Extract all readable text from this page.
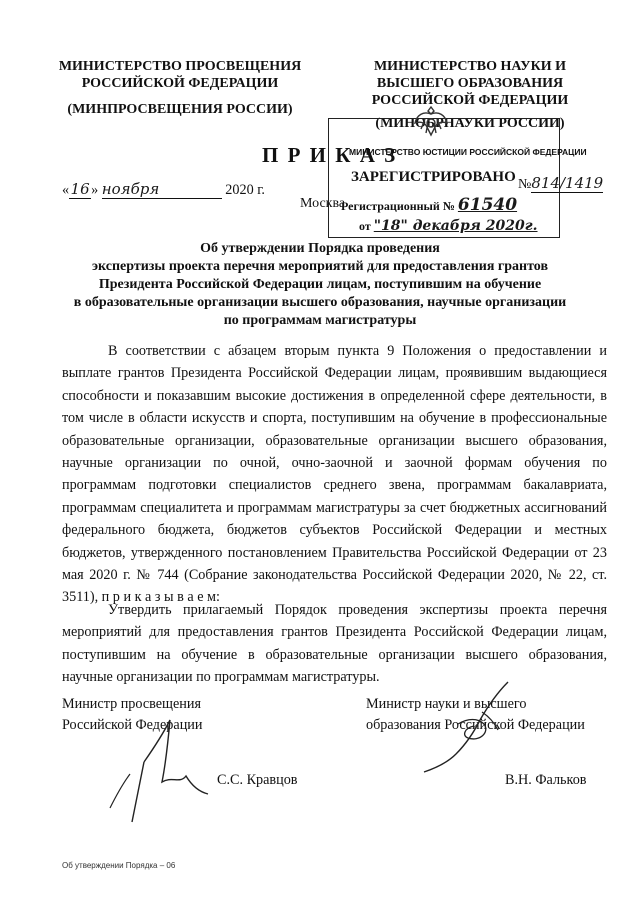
МИНИСТЕРСТВО ПРОСВЕЩЕНИЯ
РОССИЙСКОЙ ФЕДЕРАЦИИ
(МИНПРОСВЕЩЕНИЯ РОССИИ)
МИНИСТЕРСТВО НАУКИ И
ВЫСШЕГО ОБРАЗОВАНИЯ
РОССИЙСКОЙ ФЕДЕРАЦИИ
(МИНОБРНАУКИ РОССИИ)
МИНИСТЕРСТВО ЮСТИЦИИ РОССИЙСКОЙ ФЕДЕРАЦИИ
ЗАРЕГИСТРИРОВАНО
Регистрационный № 61540
от "18" декабря 2020г.
П Р И К А З
«16» ноября	2020 г.
Москва
№814/1419
Об утверждении Порядка проведения
экспертизы проекта перечня мероприятий для предоставления грантов
Президента Российской Федерации лицам, поступившим на обучение
в образовательные организации высшего образования, научные организации
по программам магистратуры
В соответствии с абзацем вторым пункта 9 Положения о предоставлении и выплате грантов Президента Российской Федерации лицам, проявившим выдающиеся способности и показавшим высокие достижения в определенной сфере деятельности, в том числе в области искусств и спорта, поступившим на обучение в профессиональные образовательные организации, образовательные организации высшего образования, научные организации по очной, очно-заочной и заочной формам обучения по программам подготовки специалистов среднего звена, программам бакалавриата, программам специалитета и программам магистратуры за счет бюджетных ассигнований федерального бюджета, бюджетов субъектов Российской Федерации и местных бюджетов, утвержденного постановлением Правительства Российской Федерации от 23 мая 2020 г. № 744 (Собрание законодательства Российской Федерации 2020, № 22, ст. 3511), п р и к а з ы в а е м:
Утвердить прилагаемый Порядок проведения экспертизы проекта перечня мероприятий для предоставления грантов Президента Российской Федерации лицам, поступившим на обучение в образовательные организации высшего образования, научные организации по программам магистратуры.
Министр просвещения
Российской Федерации
С.С. Кравцов
Министр науки и высшего
образования Российской Федерации
В.Н. Фальков
Об утверждении Порядка – 06
